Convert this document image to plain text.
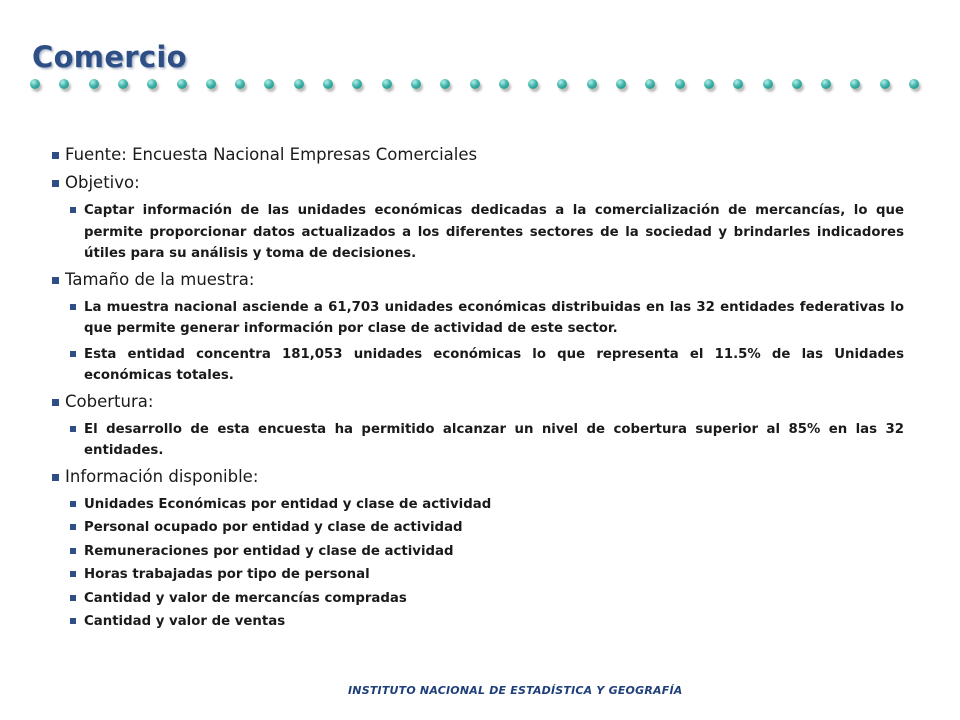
Comercio
Fuente: Encuesta Nacional Empresas Comerciales
Objetivo:
Captar información de las unidades económicas dedicadas a la comercialización de mercancías, lo que permite proporcionar datos actualizados a los diferentes sectores de la sociedad y brindarles indicadores útiles para su análisis y toma de decisiones.
Tamaño de la muestra:
La muestra nacional asciende a 61,703 unidades económicas distribuidas en las 32 entidades federativas lo que permite generar información por clase de actividad de este sector.
Esta entidad concentra 181,053 unidades económicas lo que representa el 11.5% de las Unidades económicas totales.
Cobertura:
El desarrollo de esta encuesta ha permitido alcanzar un nivel de cobertura superior al 85% en las 32 entidades.
Información disponible:
Unidades Económicas por entidad y clase de actividad
Personal ocupado por entidad y clase de actividad
Remuneraciones por entidad y clase de actividad
Horas trabajadas por tipo de personal
Cantidad y valor de mercancías compradas
Cantidad y valor de ventas
INSTITUTO NACIONAL DE ESTADÍSTICA Y GEOGRAFÍA
